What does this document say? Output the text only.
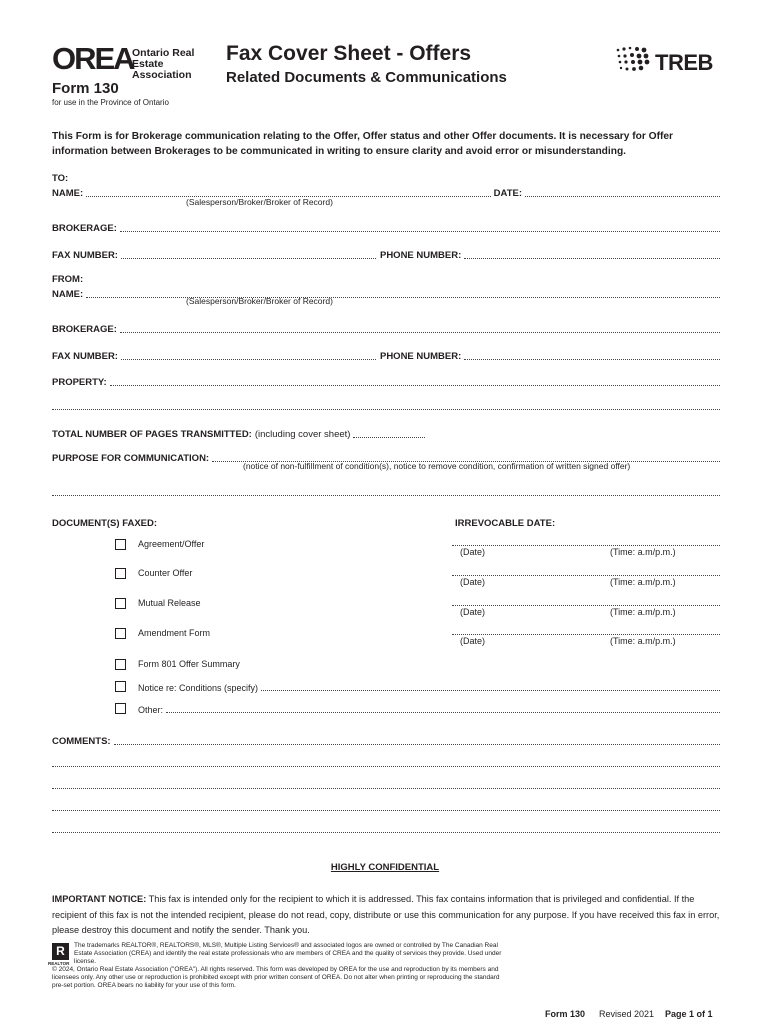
OREA
Ontario Real Estate Association
Form 130
for use in the Province of Ontario
Fax Cover Sheet - Offers
Related Documents & Communications
TREB
This Form is for Brokerage communication relating to the Offer, Offer status and other Offer documents. It is necessary for Offer information between Brokerages to be communicated in writing to ensure clarity and avoid error or misunderstanding.
TO:
NAME:	DATE:
(Salesperson/Broker/Broker of Record)
BROKERAGE:
FAX NUMBER:	PHONE NUMBER:
FROM:
NAME:
(Salesperson/Broker/Broker of Record)
BROKERAGE:
FAX NUMBER:	PHONE NUMBER:
PROPERTY:
TOTAL NUMBER OF PAGES TRANSMITTED: (including cover sheet)
PURPOSE FOR COMMUNICATION:
(notice of non-fulfillment of condition(s), notice to remove condition, confirmation of written signed offer)
DOCUMENT(S) FAXED:	IRREVOCABLE DATE:
Agreement/Offer
Counter Offer
Mutual Release
Amendment Form
Form 801 Offer Summary
Notice re: Conditions (specify)
Other:
(Date)	(Time: a.m/p.m.)
(Date)	(Time: a.m/p.m.)
(Date)	(Time: a.m/p.m.)
(Date)	(Time: a.m/p.m.)
COMMENTS:
HIGHLY CONFIDENTIAL
IMPORTANT NOTICE: This fax is intended only for the recipient to which it is addressed. This fax contains information that is privileged and confidential. If the recipient of this fax is not the intended recipient, please do not read, copy, distribute or use this communication for any purpose. If you have received this fax in error, please destroy this document and notify the sender. Thank you.
R
REALTOR
The trademarks REALTOR®, REALTORS®, MLS®, Multiple Listing Services® and associated logos are owned or controlled by The Canadian Real Estate Association (CREA) and identify the real estate professionals who are members of CREA and the quality of services they provide. Used under license.
© 2024, Ontario Real Estate Association ("OREA"). All rights reserved. This form was developed by OREA for the use and reproduction by its members and licensees only. Any other use or reproduction is prohibited except with prior written consent of OREA. Do not alter when printing or reproducing the standard pre-set portion. OREA bears no liability for your use of this form.
Form 130 Revised 2021 Page 1 of 1
